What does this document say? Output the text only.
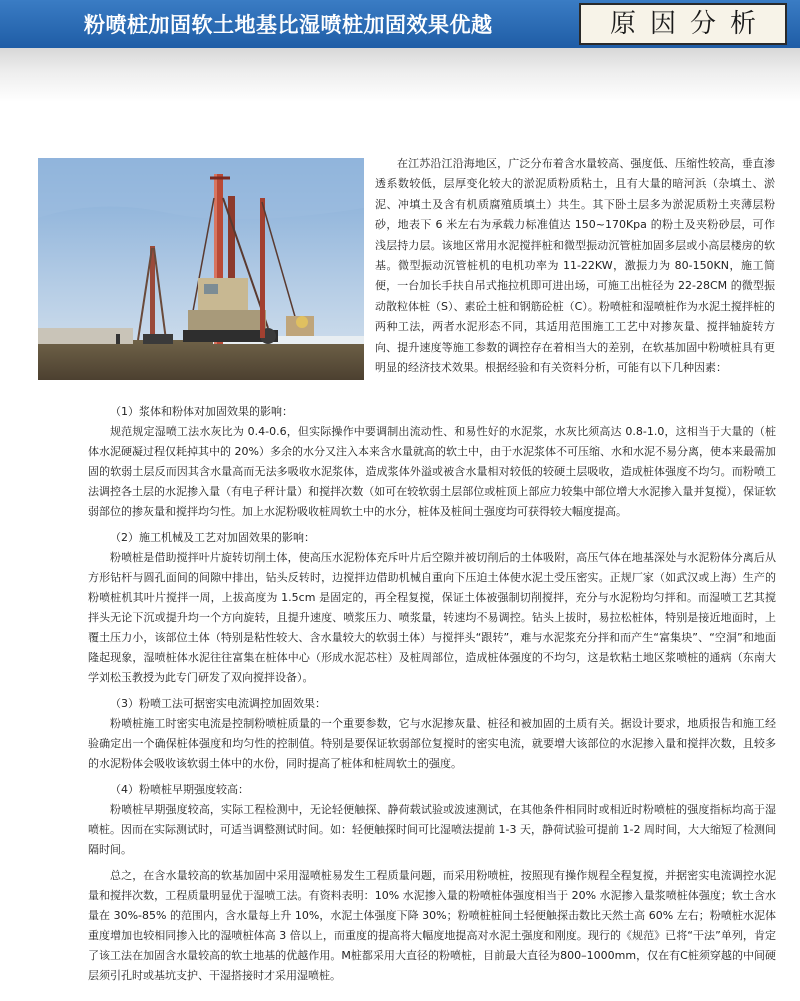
粉喷桩加固软土地基比湿喷桩加固效果优越	原因分析

在江苏沿江沿海地区，广泛分布着含水量较高、强度低、压缩性较高，垂直渗透系数较低，层厚变化较大的淤泥质粉质粘土，且有大量的暗河浜（杂填土、淤泥、冲填土及含有机质腐殖质填土）共生。其下卧土层多为淤泥质粉土夹薄层粉砂，地表下 6 米左右为承载力标准值达 150~170Kpa 的粉土及夹粉砂层，可作浅层持力层。该地区常用水泥搅拌桩和微型振动沉管桩加固多层或小高层楼房的软基。微型振动沉管桩机的电机功率为 11-22KW，激振力为 80-150KN，施工简便，一台加长手扶自吊式拖拉机即可进出场，可施工出桩径为 22-28CM 的微型振动散粒体桩（S）、素砼土桩和钢筋砼桩（C）。粉喷桩和湿喷桩作为水泥土搅拌桩的两种工法，两者水泥形态不同，其适用范围施工工艺中对掺灰量、搅拌轴旋转方向、提升速度等施工参数的调控存在着相当大的差别，在软基加固中粉喷桩具有更明显的经济技术效果。根据经验和有关资料分析，可能有以下几种因素：

（1）浆体和粉体对加固效果的影响：

规范规定湿喷工法水灰比为 0.4-0.6，但实际操作中要调制出流动性、和易性好的水泥浆，水灰比须高达 0.8-1.0，这相当于大量的（桩体水泥硬凝过程仅耗掉其中的 20%）多余的水分又注入本来含水量就高的软土中，由于水泥浆体不可压缩、水和水泥不易分离，使本来最需加固的软弱土层反而因其含水量高而无法多吸收水泥浆体，造成浆体外溢或被含水量相对较低的较硬土层吸收，造成桩体强度不均匀。而粉喷工法调控各土层的水泥掺入量（有电子秤计量）和搅拌次数（如可在较软弱土层部位或桩顶上部应力较集中部位增大水泥掺入量并复搅），保证软弱部位的掺灰量和搅拌均匀性。加上水泥粉吸收桩周软土中的水分，桩体及桩间土强度均可获得较大幅度提高。

（2）施工机械及工艺对加固效果的影响：

粉喷桩是借助搅拌叶片旋转切削土体，使高压水泥粉体充斥叶片后空隙并被切削后的土体吸附，高压气体在地基深处与水泥粉体分离后从方形钻杆与圆孔面间的间隙中排出，钻头反转时，边搅拌边借助机械自重向下压迫土体使水泥土受压密实。正规厂家（如武汉或上海）生产的粉喷桩机其叶片搅拌一周，上拔高度为 1.5cm 是固定的，再全程复搅，保证土体被强制切削搅拌，充分与水泥粉均匀拌和。而湿喷工艺其搅拌头无论下沉或提升均一个方向旋转，且提升速度、喷浆压力、喷浆量，转速均不易调控。钻头上拔时，易拉松桩体，特别是接近地面时，上覆土压力小，该部位土体（特别是粘性较大、含水量较大的软弱土体）与搅拌头“跟转”，难与水泥浆充分拌和而产生“富集块”、“空洞”和地面隆起现象，湿喷桩体水泥往往富集在桩体中心（形成水泥芯柱）及桩周部位，造成桩体强度的不均匀，这是软粘土地区浆喷桩的通病（东南大学刘松玉教授为此专门研发了双向搅拌设备）。

（3）粉喷工法可据密实电流调控加固效果：

粉喷桩施工时密实电流是控制粉喷桩质量的一个重要参数，它与水泥掺灰量、桩径和被加固的土质有关。据设计要求，地质报告和施工经验确定出一个确保桩体强度和均匀性的控制值。特别是要保证软弱部位复搅时的密实电流，就要增大该部位的水泥掺入量和搅拌次数，且较多的水泥粉体会吸收该软弱土体中的水份，同时提高了桩体和桩周软土的强度。

（4）粉喷桩早期强度较高：

粉喷桩早期强度较高，实际工程检测中，无论轻便触探、静荷载试验或波速测试，在其他条件相同时或相近时粉喷桩的强度指标均高于湿喷桩。因而在实际测试时，可适当调整测试时间。如：轻便触探时间可比湿喷法提前 1-3 天，静荷试验可提前 1-2 周时间，大大缩短了检测间隔时间。

总之，在含水量较高的软基加固中采用湿喷桩易发生工程质量问题，而采用粉喷桩，按照现有操作规程全程复搅，并据密实电流调控水泥量和搅拌次数，工程质量明显优于湿喷工法。有资料表明：10% 水泥掺入量的粉喷桩体强度相当于 20% 水泥掺入量浆喷桩体强度；软土含水量在 30%-85% 的范围内，含水量每上升 10%，水泥土体强度下降 30%；粉喷桩桩间土轻便触探击数比天然土高 60% 左右；粉喷桩水泥体重度增加也较相同掺入比的湿喷桩体高 3 倍以上，而重度的提高将大幅度地提高对水泥土强度和刚度。现行的《规范》已将“干法”单列，肯定了该工法在加固含水量较高的软土地基的优越作用。M桩都采用大直径的粉喷桩，目前最大直径为800–1000mm，仅在有C桩须穿越的中间硬层须引孔时或基坑支护、干湿搭接时才采用湿喷桩。
